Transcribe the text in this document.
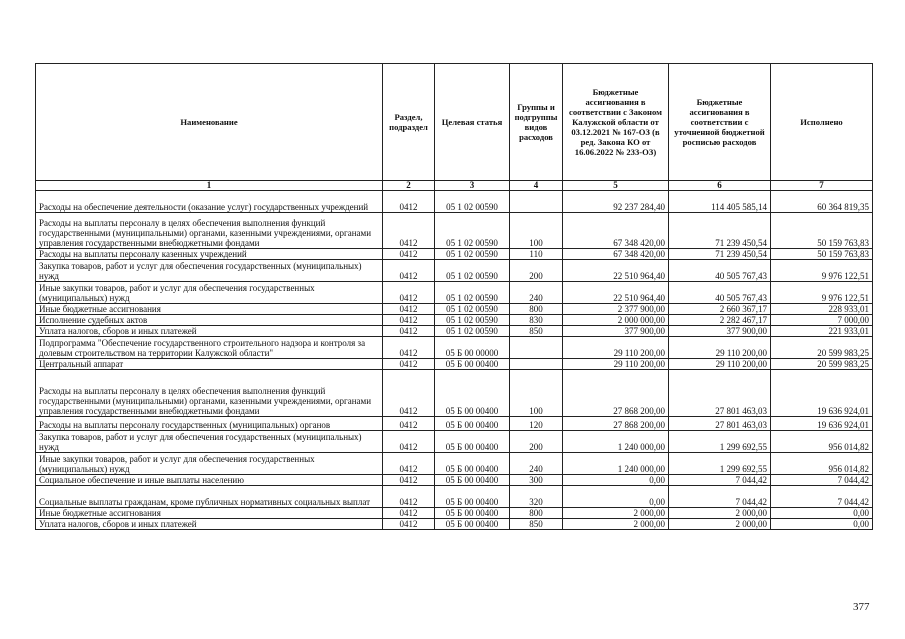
Наименование	Раздел, подраздел	Целевая статья	Группы и подгруппы видов расходов	Бюджетные ассигнования в соответствии с Законом Калужской области от 03.12.2021 № 167-ОЗ (в ред. Закона КО от 16.06.2022 № 233-ОЗ)	Бюджетные ассигнования в соответствии с уточненной бюджетной росписью расходов	Исполнено
1	2	3	4	5	6	7
Расходы на обеспечение деятельности (оказание услуг) государственных учреждений	0412	05 1 02 00590		92 237 284,40	114 405 585,14	60 364 819,35
Расходы на выплаты персоналу в целях обеспечения выполнения функций государственными (муниципальными) органами, казенными учреждениями, органами управления государственными внебюджетными фондами	0412	05 1 02 00590	100	67 348 420,00	71 239 450,54	50 159 763,83
Расходы на выплаты персоналу казенных учреждений	0412	05 1 02 00590	110	67 348 420,00	71 239 450,54	50 159 763,83
Закупка товаров, работ и услуг для обеспечения государственных (муниципальных) нужд	0412	05 1 02 00590	200	22 510 964,40	40 505 767,43	9 976 122,51
Иные закупки товаров, работ и услуг для обеспечения государственных (муниципальных) нужд	0412	05 1 02 00590	240	22 510 964,40	40 505 767,43	9 976 122,51
Иные бюджетные ассигнования	0412	05 1 02 00590	800	2 377 900,00	2 660 367,17	228 933,01
Исполнение судебных актов	0412	05 1 02 00590	830	2 000 000,00	2 282 467,17	7 000,00
Уплата налогов, сборов и иных платежей	0412	05 1 02 00590	850	377 900,00	377 900,00	221 933,01
Подпрограмма "Обеспечение государственного строительного надзора и контроля за долевым строительством на территории Калужской области"	0412	05 Б 00 00000		29 110 200,00	29 110 200,00	20 599 983,25
Центральный аппарат	0412	05 Б 00 00400		29 110 200,00	29 110 200,00	20 599 983,25
Расходы на выплаты персоналу в целях обеспечения выполнения функций государственными (муниципальными) органами, казенными учреждениями, органами управления государственными внебюджетными фондами	0412	05 Б 00 00400	100	27 868 200,00	27 801 463,03	19 636 924,01
Расходы на выплаты персоналу государственных (муниципальных) органов	0412	05 Б 00 00400	120	27 868 200,00	27 801 463,03	19 636 924,01
Закупка товаров, работ и услуг для обеспечения государственных (муниципальных) нужд	0412	05 Б 00 00400	200	1 240 000,00	1 299 692,55	956 014,82
Иные закупки товаров, работ и услуг для обеспечения государственных (муниципальных) нужд	0412	05 Б 00 00400	240	1 240 000,00	1 299 692,55	956 014,82
Социальное обеспечение и иные выплаты населению	0412	05 Б 00 00400	300	0,00	7 044,42	7 044,42
Социальные выплаты гражданам, кроме публичных нормативных социальных выплат	0412	05 Б 00 00400	320	0,00	7 044,42	7 044,42
Иные бюджетные ассигнования	0412	05 Б 00 00400	800	2 000,00	2 000,00	0,00
Уплата налогов, сборов и иных платежей	0412	05 Б 00 00400	850	2 000,00	2 000,00	0,00
377
